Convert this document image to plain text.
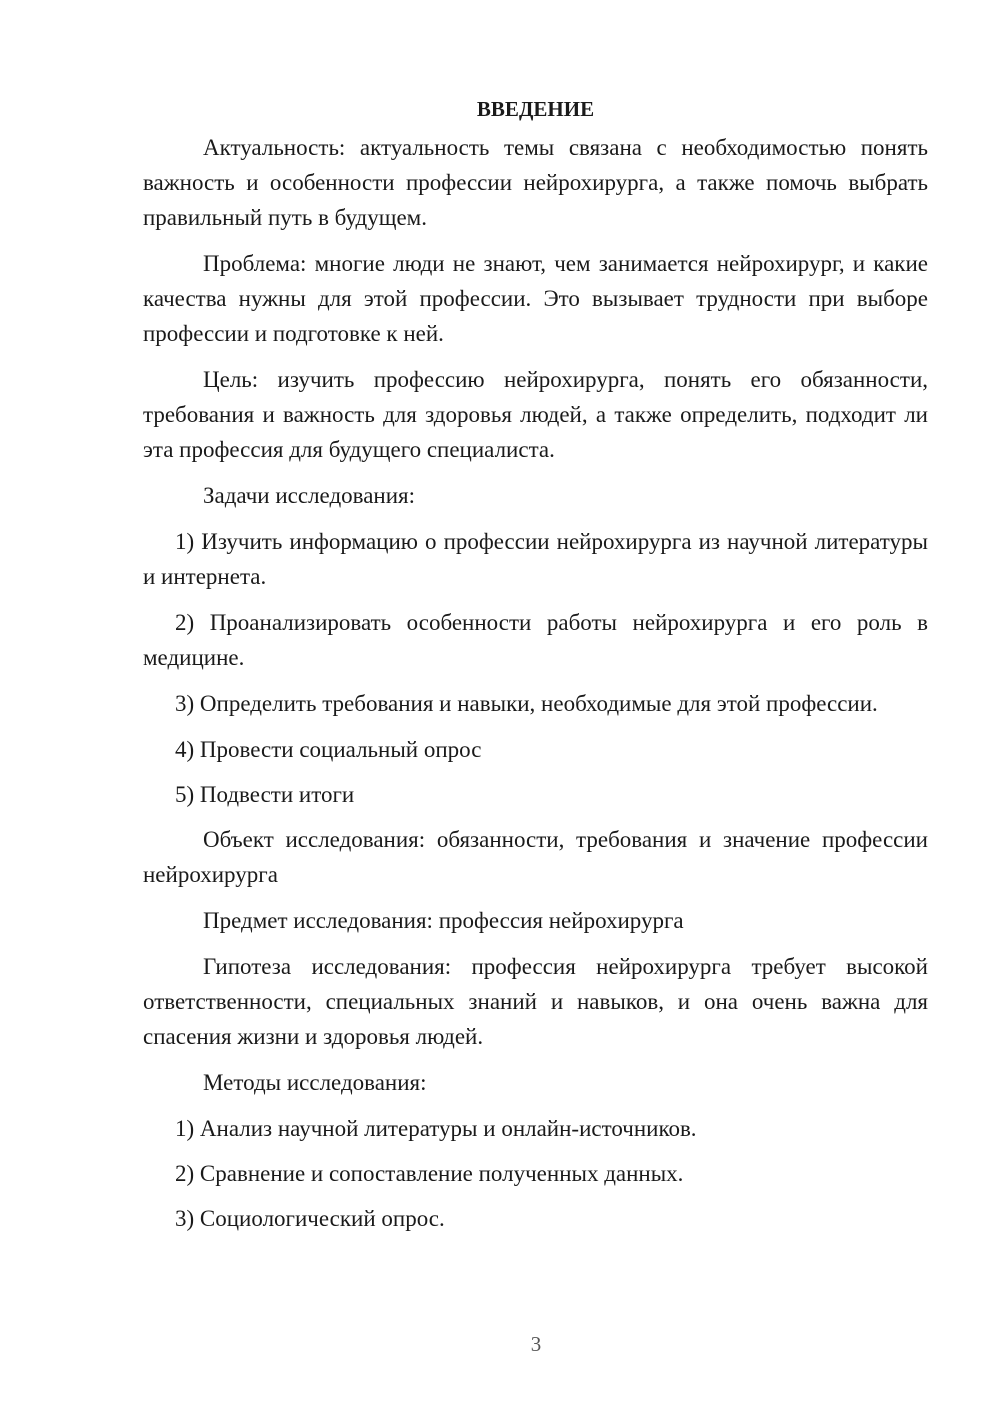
ВВЕДЕНИЕ
Актуальность: актуальность темы связана с необходимостью понять важность и особенности профессии нейрохирурга, а также помочь выбрать правильный путь в будущем.
Проблема: многие люди не знают, чем занимается нейрохирург, и какие качества нужны для этой профессии. Это вызывает трудности при выборе профессии и подготовке к ней.
Цель: изучить профессию нейрохирурга, понять его обязанности, требования и важность для здоровья людей, а также определить, подходит ли эта профессия для будущего специалиста.
Задачи исследования:
1) Изучить информацию о профессии нейрохирурга из научной литературы и интернета.
2) Проанализировать особенности работы нейрохирурга и его роль в медицине.
3) Определить требования и навыки, необходимые для этой профессии.
4) Провести социальный опрос
5) Подвести итоги
Объект исследования: обязанности, требования и значение профессии нейрохирурга
Предмет исследования: профессия нейрохирурга
Гипотеза исследования: профессия нейрохирурга требует высокой ответственности, специальных знаний и навыков, и она очень важна для спасения жизни и здоровья людей.
Методы исследования:
1) Анализ научной литературы и онлайн-источников.
2) Сравнение и сопоставление полученных данных.
3) Социологический опрос.
3
